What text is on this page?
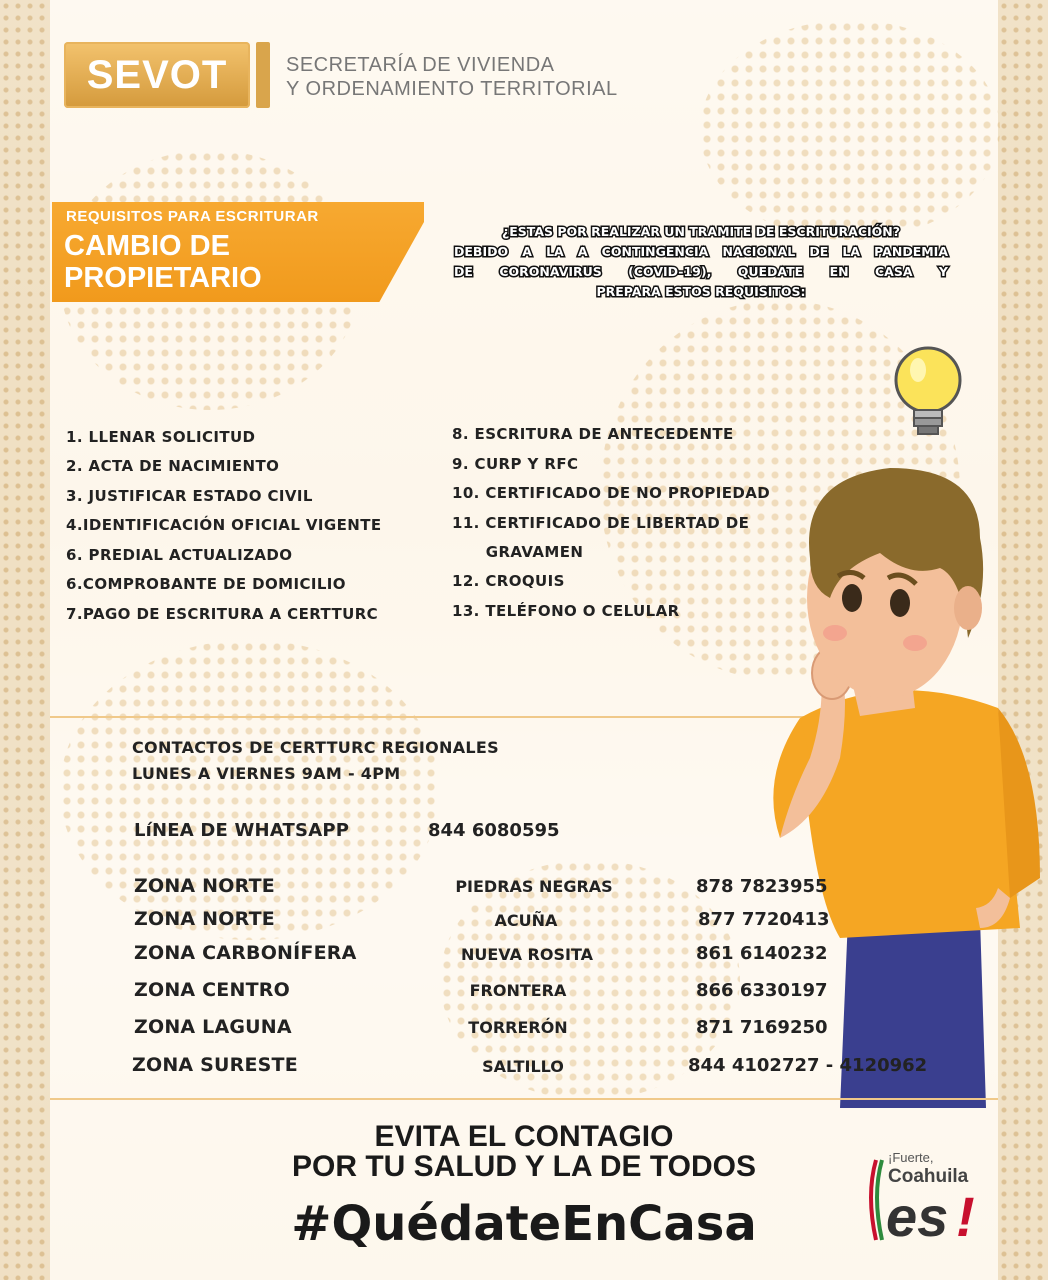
SEVOT	SECRETARÍA DE VIVIENDA
Y ORDENAMIENTO TERRITORIAL
REQUISITOS PARA ESCRITURAR
CAMBIO DE
PROPIETARIO
¿ESTAS POR REALIZAR UN TRAMITE DE ESCRITURACIÓN?
DEBIDO A LA A CONTINGENCIA NACIONAL DE LA PANDEMIA
DE CORONAVIRUS (COVID-19), QUEDATE EN CASA Y
PREPARA ESTOS REQUISITOS:
1. LLENAR SOLICITUD
2. ACTA DE NACIMIENTO
3. JUSTIFICAR ESTADO CIVIL
4.IDENTIFICACIÓN OFICIAL VIGENTE
6. PREDIAL ACTUALIZADO
6.COMPROBANTE DE DOMICILIO
7.PAGO DE ESCRITURA A CERTTURC
8. ESCRITURA DE ANTECEDENTE
9. CURP Y RFC
10. CERTIFICADO DE NO PROPIEDAD
11. CERTIFICADO DE LIBERTAD DE
GRAVAMEN
12. CROQUIS
13. TELÉFONO O CELULAR
CONTACTOS DE CERTTURC REGIONALES
LUNES A VIERNES 9AM - 4PM
LíNEA DE WHATSAPP	844 6080595
ZONA NORTE	PIEDRAS NEGRAS	878 7823955
ZONA NORTE	ACUÑA	877 7720413
ZONA CARBONÍFERA	NUEVA ROSITA	861 6140232
ZONA CENTRO	FRONTERA	866 6330197
ZONA LAGUNA	TORRERÓN	871 7169250
ZONA SURESTE	SALTILLO	844 4102727 - 4120962
EVITA EL CONTAGIO
POR TU SALUD Y LA DE TODOS
#QuédateEnCasa
¡Fuerte,
Coahuila
es !
